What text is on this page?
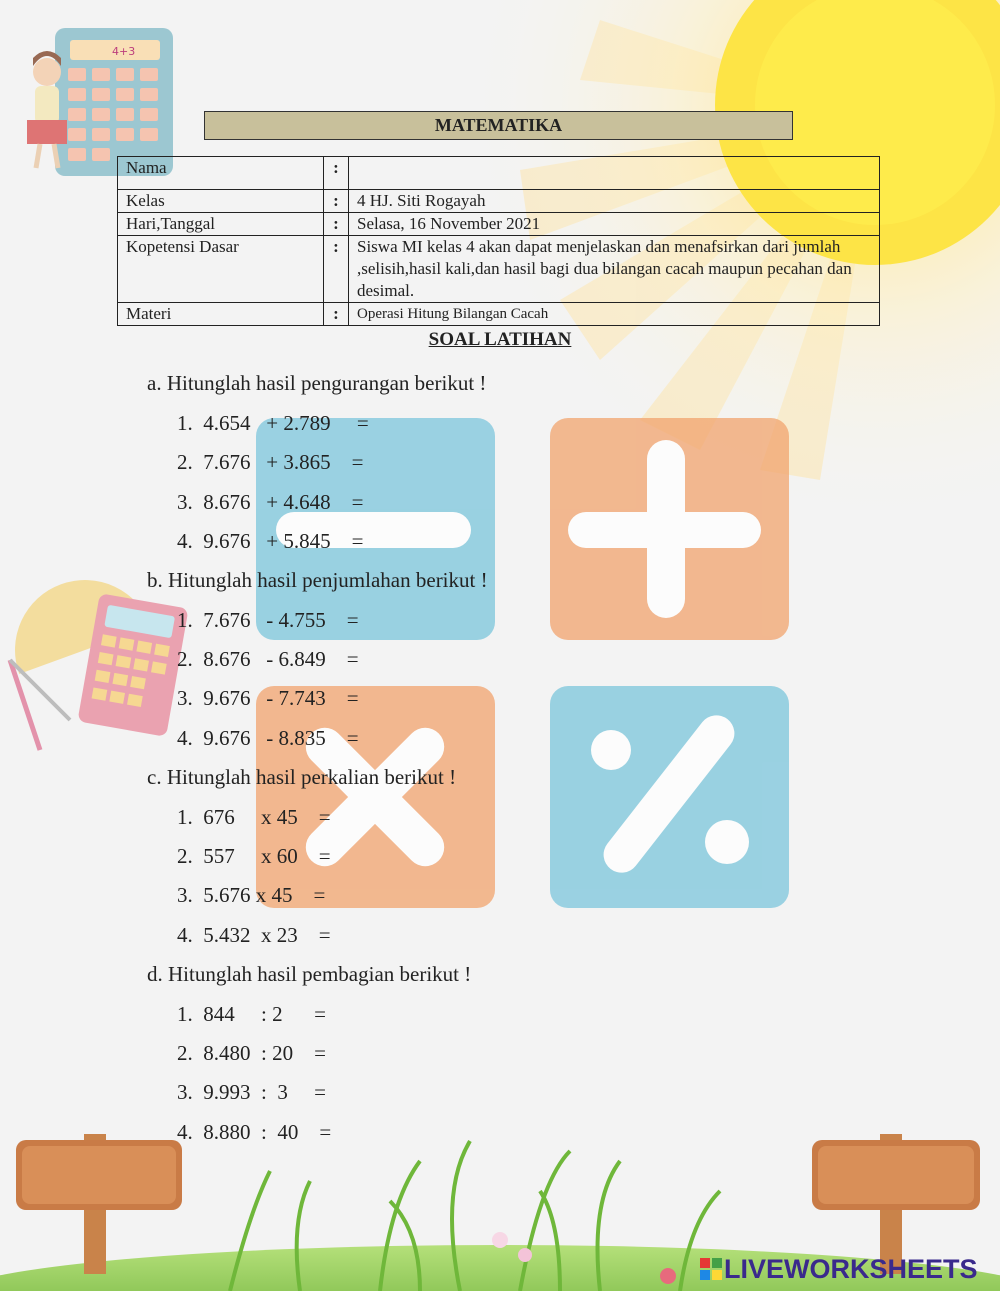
4+3
MATEMATIKA
Nama	:	
Kelas	:	4 HJ. Siti Rogayah
Hari,Tanggal	:	Selasa, 16 November 2021
Kopetensi Dasar	:	Siswa MI kelas 4 akan dapat menjelaskan dan menafsirkan dari jumlah ,selisih,hasil kali,dan hasil bagi dua bilangan cacah maupun pecahan dan desimal.
Materi	:	Operasi Hitung Bilangan Cacah
SOAL LATIHAN
a. Hitunglah hasil pengurangan berikut !
1.  4.654   + 2.789     =
2.  7.676   + 3.865    =
3.  8.676   + 4.648    =
4.  9.676   + 5.845    =
b. Hitunglah hasil penjumlahan berikut !
1.  7.676   - 4.755    =
2.  8.676   - 6.849    =
3.  9.676   - 7.743    =
4.  9.676   - 8.835    =
c. Hitunglah hasil perkalian berikut !
1.  676     x 45    =
2.  557     x 60    =
3.  5.676 x 45    =
4.  5.432  x 23    =
d. Hitunglah hasil pembagian berikut !
1.  844     : 2      =
2.  8.480  : 20    =
3.  9.993  :  3     =
4.  8.880  :  40    =
LIVEWORKSHEETS
